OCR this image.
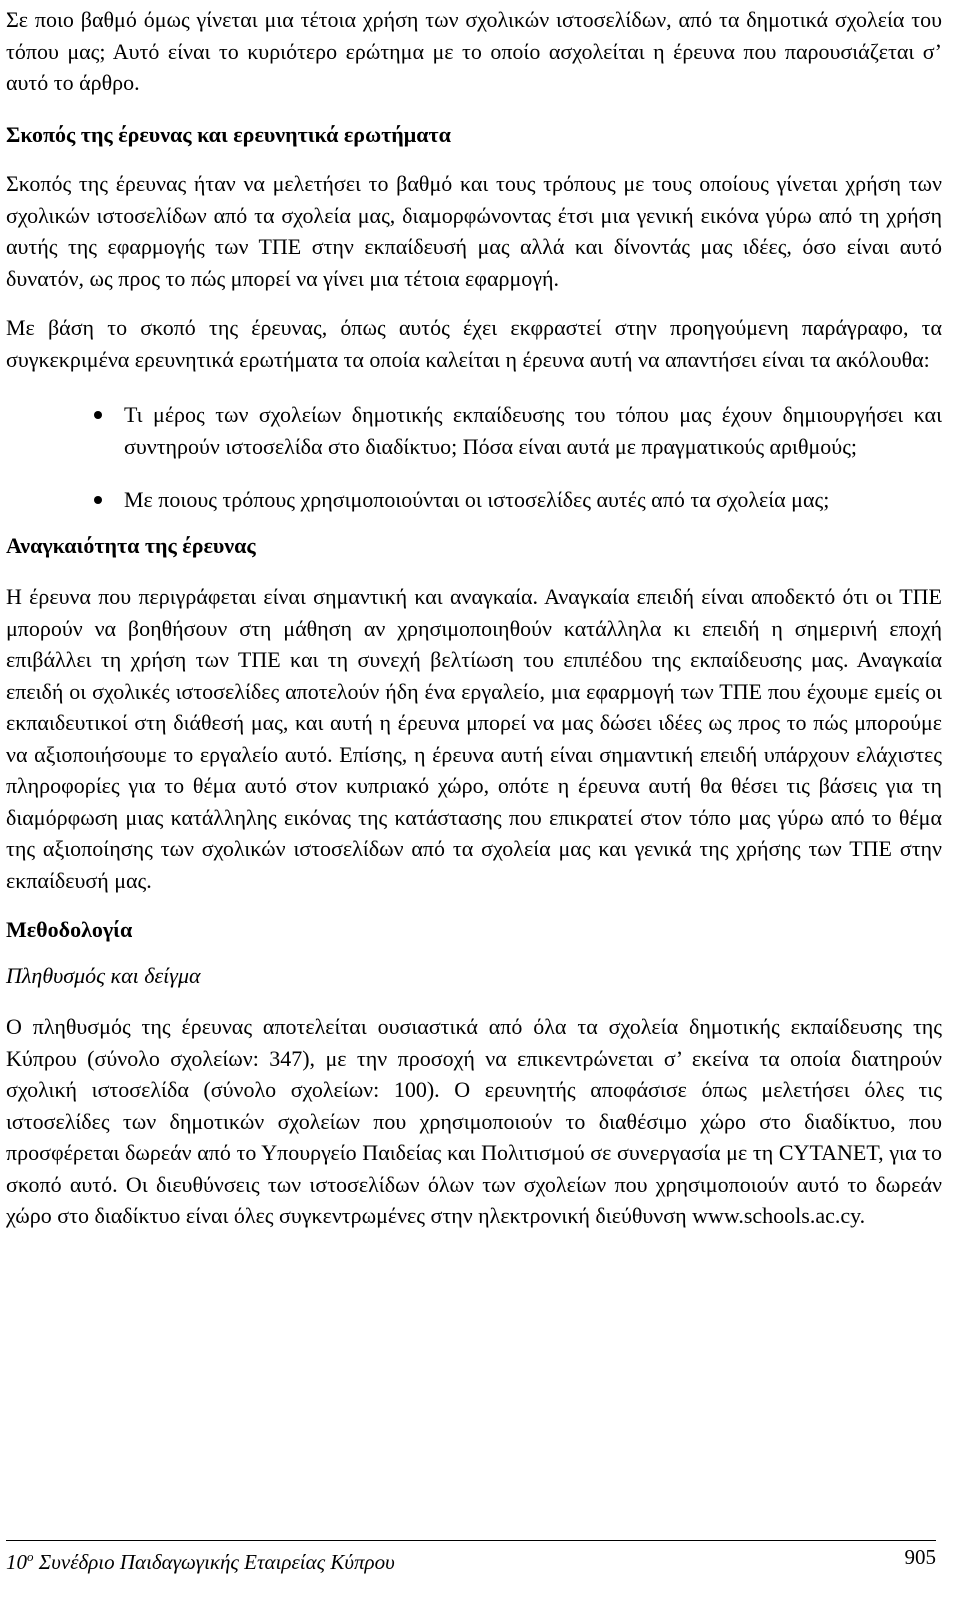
Σε ποιο βαθμό όμως γίνεται μια τέτοια χρήση των σχολικών ιστοσελίδων, από τα δημοτικά σχολεία του τόπου μας; Αυτό είναι το κυριότερο ερώτημα με το οποίο ασχολείται η έρευνα που παρουσιάζεται σ’ αυτό το άρθρο.

Σκοπός της έρευνας και ερευνητικά ερωτήματα

Σκοπός της έρευνας ήταν να μελετήσει το βαθμό και τους τρόπους με τους οποίους γίνεται χρήση των σχολικών ιστοσελίδων από τα σχολεία μας, διαμορφώνοντας έτσι μια γενική εικόνα γύρω από τη χρήση αυτής της εφαρμογής των ΤΠΕ στην εκπαίδευσή μας αλλά και δίνοντάς μας ιδέες, όσο είναι αυτό δυνατόν, ως προς το πώς μπορεί να γίνει μια τέτοια εφαρμογή.

Με βάση το σκοπό της έρευνας, όπως αυτός έχει εκφραστεί στην προηγούμενη παράγραφο, τα συγκεκριμένα ερευνητικά ερωτήματα τα οποία καλείται η έρευνα αυτή να απαντήσει είναι τα ακόλουθα:

Τι μέρος των σχολείων δημοτικής εκπαίδευσης του τόπου μας έχουν δημιουργήσει και συντηρούν ιστοσελίδα στο διαδίκτυο; Πόσα είναι αυτά με πραγματικούς αριθμούς;
Με ποιους τρόπους χρησιμοποιούνται οι ιστοσελίδες αυτές από τα σχολεία μας;
Αναγκαιότητα της έρευνας

Η έρευνα που περιγράφεται είναι σημαντική και αναγκαία. Αναγκαία επειδή είναι αποδεκτό ότι οι ΤΠΕ μπορούν να βοηθήσουν στη μάθηση αν χρησιμοποιηθούν κατάλληλα κι επειδή η σημερινή εποχή επιβάλλει τη χρήση των ΤΠΕ και τη συνεχή βελτίωση του επιπέδου της εκπαίδευσης μας. Αναγκαία επειδή οι σχολικές ιστοσελίδες αποτελούν ήδη ένα εργαλείο, μια εφαρμογή των ΤΠΕ που έχουμε εμείς οι εκπαιδευτικοί στη διάθεσή μας, και αυτή η έρευνα μπορεί να μας δώσει ιδέες ως προς το πώς μπορούμε να αξιοποιήσουμε το εργαλείο αυτό. Επίσης, η έρευνα αυτή είναι σημαντική επειδή υπάρχουν ελάχιστες πληροφορίες για το θέμα αυτό στον κυπριακό χώρο, οπότε η έρευνα αυτή θα θέσει τις βάσεις για τη διαμόρφωση μιας κατάλληλης εικόνας της κατάστασης που επικρατεί στον τόπο μας γύρω από το θέμα της αξιοποίησης των σχολικών ιστοσελίδων από τα σχολεία μας και γενικά της χρήσης των ΤΠΕ στην εκπαίδευσή μας.

Μεθοδολογία

Πληθυσμός και δείγμα

Ο πληθυσμός της έρευνας αποτελείται ουσιαστικά από όλα τα σχολεία δημοτικής εκπαίδευσης της Κύπρου (σύνολο σχολείων: 347), με την προσοχή να επικεντρώνεται σ’ εκείνα τα οποία διατηρούν σχολική ιστοσελίδα (σύνολο σχολείων: 100). Ο ερευνητής αποφάσισε όπως μελετήσει όλες τις ιστοσελίδες των δημοτικών σχολείων που χρησιμοποιούν το διαθέσιμο χώρο στο διαδίκτυο, που προσφέρεται δωρεάν από το Υπουργείο Παιδείας και Πολιτισμού σε συνεργασία με τη CYTANET, για το σκοπό αυτό. Οι διευθύνσεις των ιστοσελίδων όλων των σχολείων που χρησιμοποιούν αυτό το δωρεάν χώρο στο διαδίκτυο είναι όλες συγκεντρωμένες στην ηλεκτρονική διεύθυνση www.schools.ac.cy.

$10^o$ Συνέδριο Παιδαγωγικής Εταιρείας Κύπρου	905
